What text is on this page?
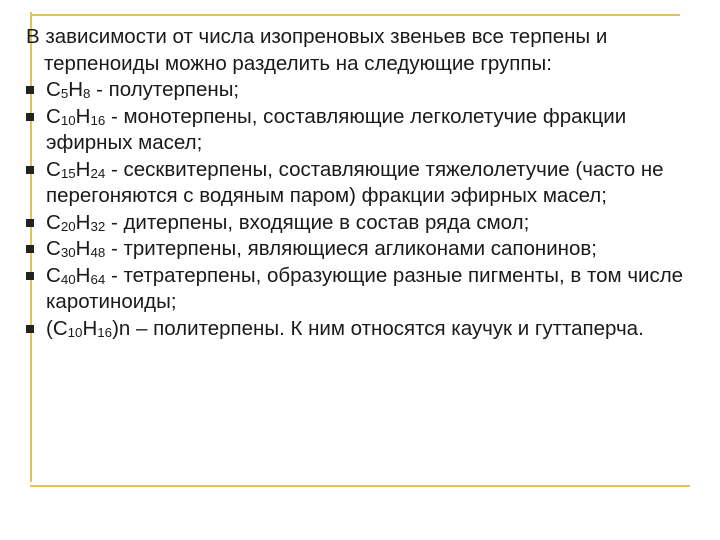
В зависимости от числа изопреновых звеньев все терпены и терпеноиды можно разделить на следующие группы:

$C_5H_8$ - полутерпены;
$C_{10}H_{16}$ - монотерпены, составляющие легколетучие фракции эфирных масел;
$C_{15}H_{24}$ - сесквитерпены, составляющие тяжелолетучие (часто не перегоняются с водяным паром) фракции эфирных масел;
$C_{20}H_{32}$ - дитерпены, входящие в состав ряда смол;
$C_{30}H_{48}$ - тритерпены, являющиеся агликонами сапонинов;
$C_{40}H_{64}$ - тетратерпены, образующие разные пигменты, в том числе каротиноиды;
$(C_{10}H_{16})n$ – политерпены. К ним относятся каучук и гуттаперча.
